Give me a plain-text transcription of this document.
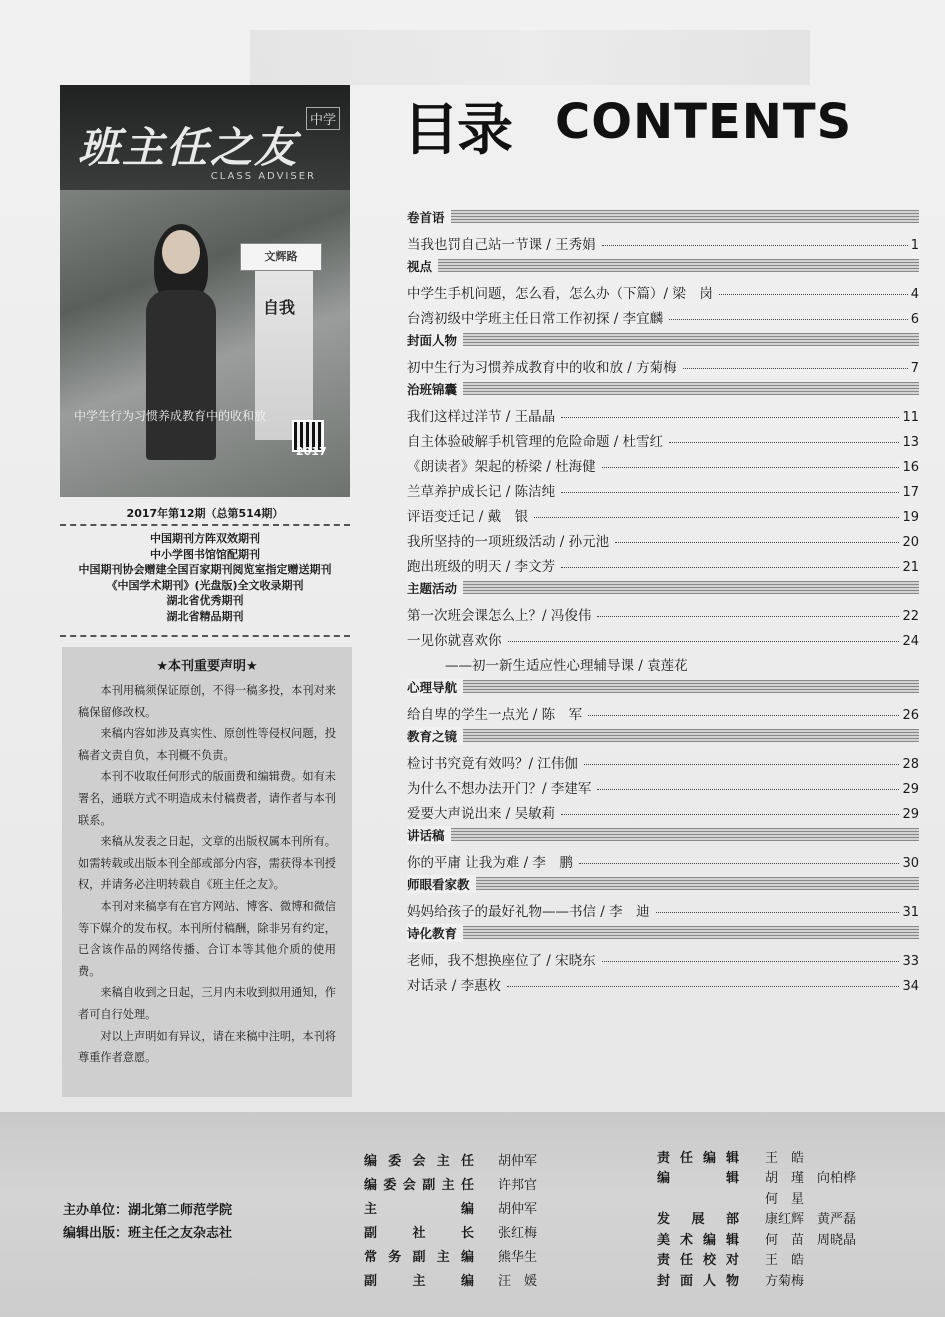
班主任之友
中学
CLASS ADVISER
文辉路
自我
中学生行为习惯养成教育中的收和放
2017
2017年第12期（总第514期）
中国期刊方阵双效期刊
中小学图书馆馆配期刊
中国期刊协会赠建全国百家期刊阅览室指定赠送期刊
《中国学术期刊》(光盘版)全文收录期刊
湖北省优秀期刊
湖北省精品期刊
★本刊重要声明★

本刊用稿须保证原创，不得一稿多投，本刊对来稿保留修改权。

来稿内容如涉及真实性、原创性等侵权问题，投稿者文责自负，本刊概不负责。

本刊不收取任何形式的版面费和编辑费。如有未署名，通联方式不明造成未付稿费者，请作者与本刊联系。

来稿从发表之日起，文章的出版权属本刊所有。如需转载或出版本刊全部或部分内容，需获得本刊授权，并请务必注明转载自《班主任之友》。

本刊对来稿享有在官方网站、博客、微博和微信等下媒介的发布权。本刊所付稿酬，除非另有约定，已含该作品的网络传播、合订本等其他介质的使用费。

来稿自收到之日起，三月内未收到拟用通知，作者可自行处理。

对以上声明如有异议，请在来稿中注明，本刊将尊重作者意愿。

目录 CONTENTS
卷首语
当我也罚自己站一节课 / 王秀娟	1
视点
中学生手机问题，怎么看，怎么办（下篇）/ 梁　岗	4
台湾初级中学班主任日常工作初探 / 李宜麟	6
封面人物
初中生行为习惯养成教育中的收和放 / 方菊梅	7
治班锦囊
我们这样过洋节 / 王晶晶	11
自主体验破解手机管理的危险命题 / 杜雪红	13
《朗读者》架起的桥梁 / 杜海健	16
兰草养护成长记 / 陈洁纯	17
评语变迁记 / 戴　银	19
我所坚持的一项班级活动 / 孙元池	20
跑出班级的明天 / 李文芳	21
主题活动
第一次班会课怎么上？/ 冯俊伟	22
一见你就喜欢你	24
——初一新生适应性心理辅导课 / 袁莲花
心理导航
给自卑的学生一点光 / 陈　军	26
教育之镜
检讨书究竟有效吗？/ 江伟伽	28
为什么不想办法开门？/ 李建军	29
爱要大声说出来 / 吴敏莉	29
讲话稿
你的平庸 让我为难 / 李　鹏	30
师眼看家教
妈妈给孩子的最好礼物——书信 / 李　迪	31
诗化教育
老师，我不想换座位了 / 宋晓东	33
对话录 / 李惠枚	34
主办单位：湖北第二师范学院
编辑出版：班主任之友杂志社
编委会主任 胡仲军
编委会副主任 许邦官
主编 胡仲军
副社长 张红梅
常务副主编 熊华生
副主编 汪　媛
责任编辑 王　皓
编　　辑 胡　瑾　向柏桦
何　星
发展部 康红辉　黄严磊
美术编辑 何　苗　周晓晶
责任校对 王　皓
封面人物 方菊梅
